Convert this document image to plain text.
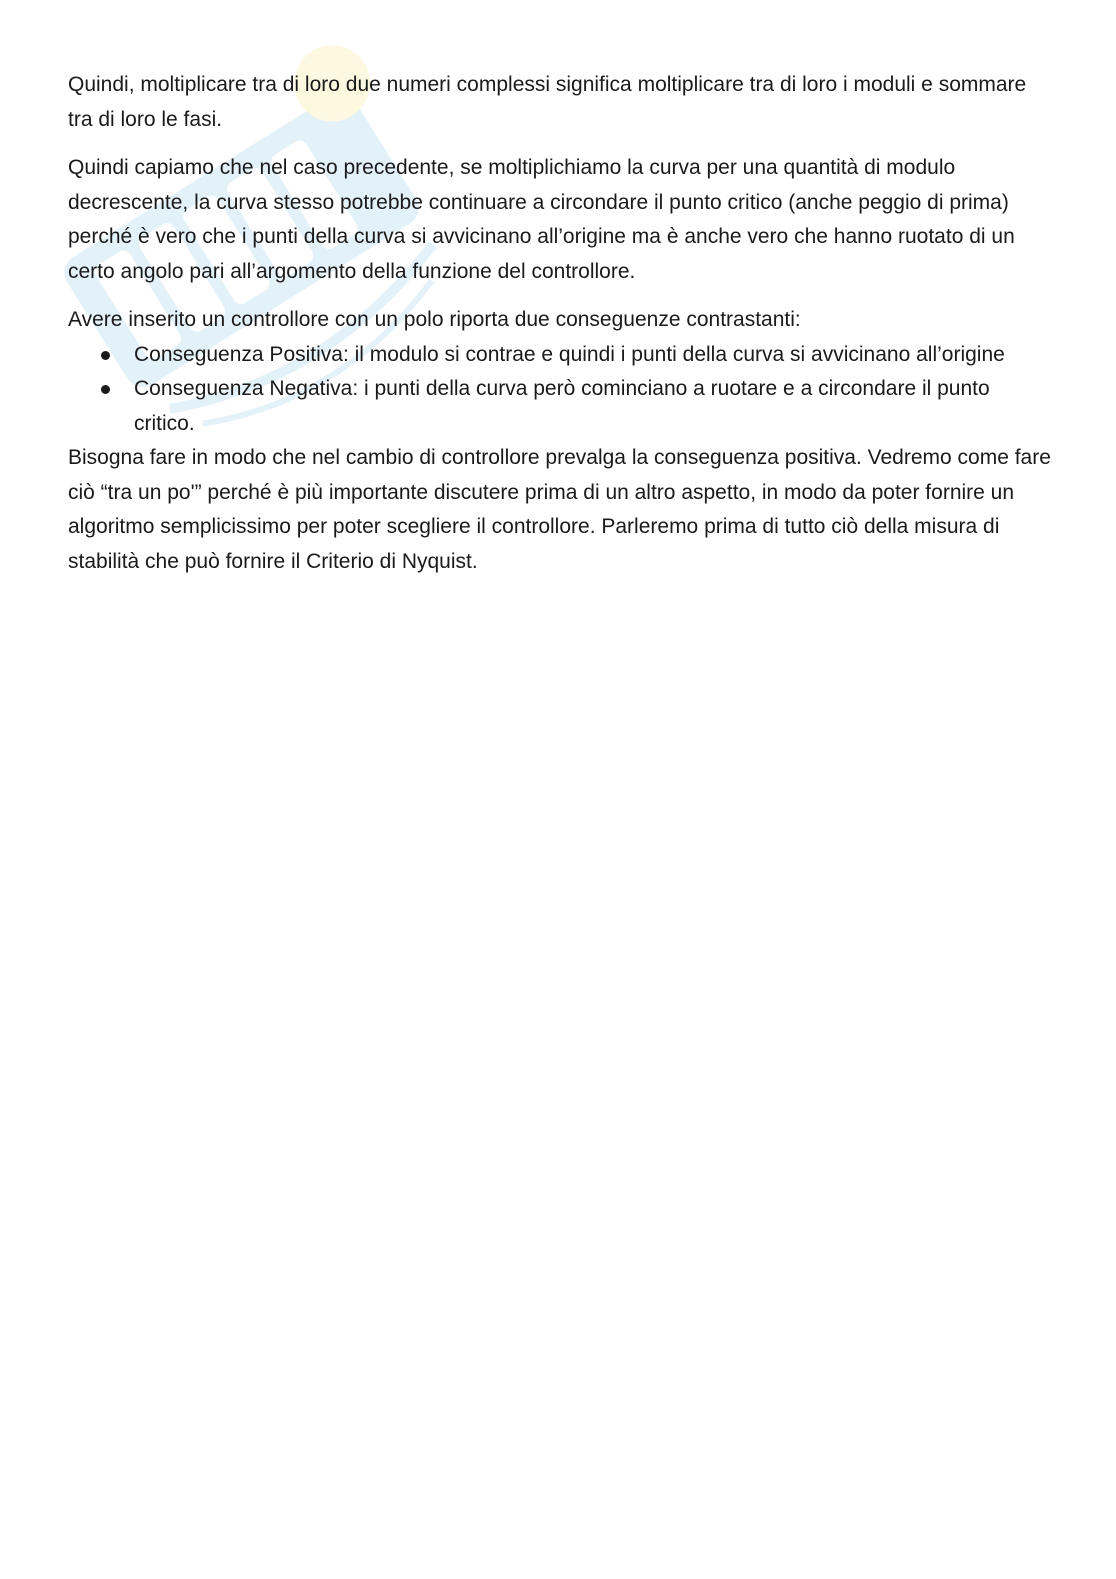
Quindi, moltiplicare tra di loro due numeri complessi significa moltiplicare tra di loro i moduli e sommare tra di loro le fasi.

Quindi capiamo che nel caso precedente, se moltiplichiamo la curva per una quantità di modulo decrescente, la curva stesso potrebbe continuare a circondare il punto critico (anche peggio di prima) perché è vero che i punti della curva si avvicinano all’origine ma è anche vero che hanno ruotato di un certo angolo pari all’argomento della funzione del controllore.

Avere inserito un controllore con un polo riporta due conseguenze contrastanti:

Conseguenza Positiva: il modulo si contrae e quindi i punti della curva si avvicinano all’origine
Conseguenza Negativa: i punti della curva però cominciano a ruotare e a circondare il punto critico.

Bisogna fare in modo che nel cambio di controllore prevalga la conseguenza positiva. Vedremo come fare ciò “tra un po'” perché è più importante discutere prima di un altro aspetto, in modo da poter fornire un algoritmo semplicissimo per poter scegliere il controllore. Parleremo prima di tutto ciò della misura di stabilità che può fornire il Criterio di Nyquist.
